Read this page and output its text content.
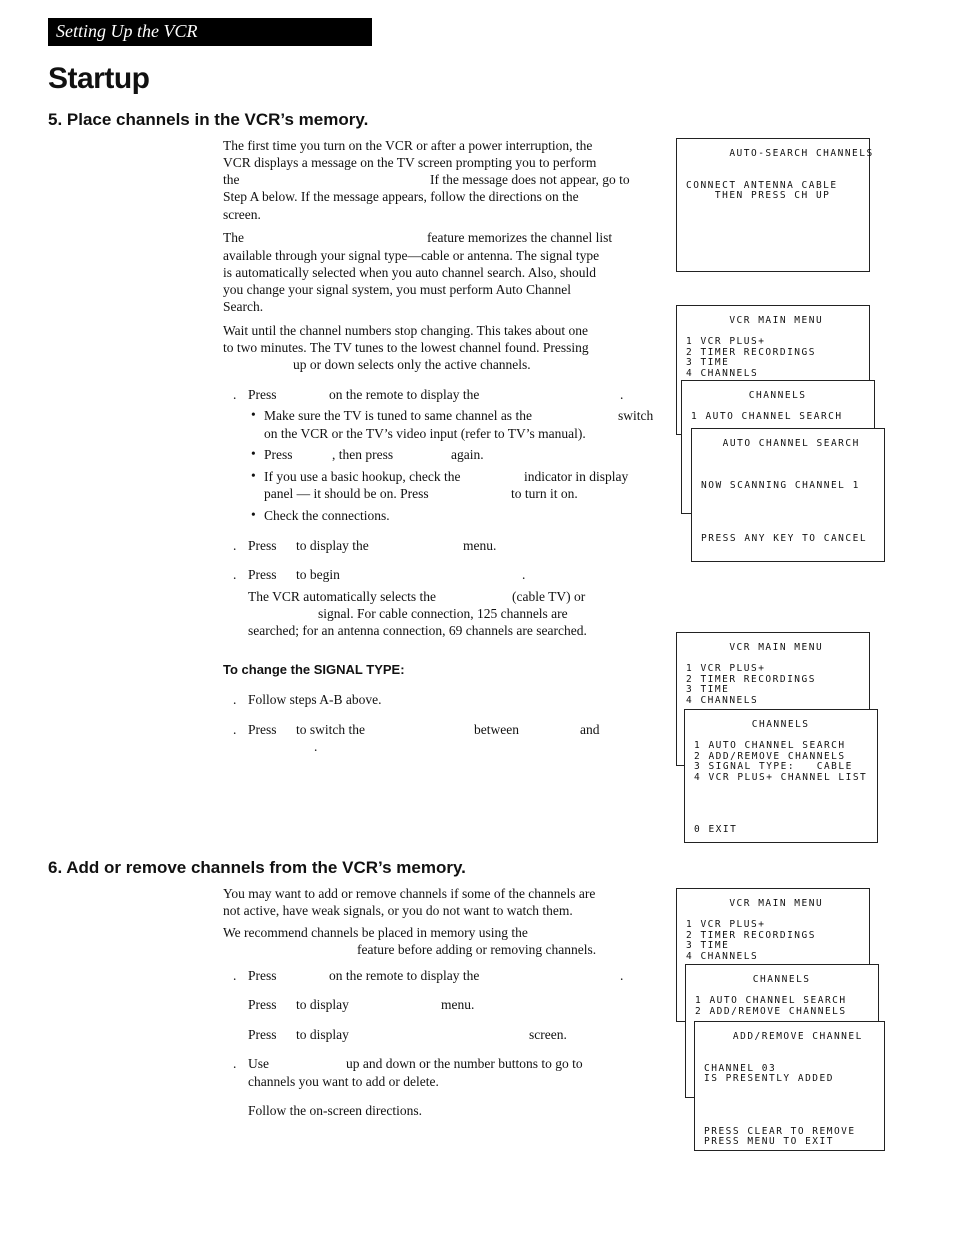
Setting Up the VCR
Startup
5. Place channels in the VCR’s memory.
The first time you turn on the VCR or after a power interruption, the
VCR displays a message on the TV screen prompting you to perform
the	If the message does not appear, go to
Step A below. If the message appears, follow the directions on the
screen.
The	feature memorizes the channel list
available through your signal type—cable or antenna. The signal type
is automatically selected when you auto channel search. Also, should
you change your signal system, you must perform Auto Channel
Search.
Wait until the channel numbers stop changing. This takes about one
to two minutes. The TV tunes to the lowest channel found. Pressing
up or down selects only the active channels.
. Press	on the remote to display the	.
• Make sure the TV is tuned to same channel as the	switch
on the VCR or the TV’s video input (refer to TV’s manual).
• Press	, then press	again.
• If you use a basic hookup, check the	indicator in display
panel — it should be on. Press	to turn it on.
• Check the connections.
. Press to display the	menu.
. Press to begin	.
The VCR automatically selects the	(cable TV) or
signal. For cable connection, 125 channels are
searched; for an antenna connection, 69 channels are searched.
To change the SIGNAL TYPE:
. Follow steps A-B above.
. Press to switch the	between	and
.
6. Add or remove channels from the VCR’s memory.
You may want to add or remove channels if some of the channels are
not active, have weak signals, or you do not want to watch them.
We recommend channels be placed in memory using the
feature before adding or removing channels.
. Press	on the remote to display the	.
Press to display	menu.
Press to display	screen.
. Use	up and down or the number buttons to go to
channels you want to add or delete.
Follow the on-screen directions.
AUTO-SEARCH CHANNELS

CONNECT ANTENNA CABLE
THEN PRESS CH UP
VCR MAIN MENU

1 VCR PLUS+
2 TIMER RECORDINGS
3 TIME
4 CHANNELS
CHANNELS

1 AUTO CHANNEL SEARCH
AUTO CHANNEL SEARCH

NOW SCANNING CHANNEL 1

PRESS ANY KEY TO CANCEL
VCR MAIN MENU

1 VCR PLUS+
2 TIMER RECORDINGS
3 TIME
4 CHANNELS
CHANNELS

1 AUTO CHANNEL SEARCH
2 ADD/REMOVE CHANNELS
3 SIGNAL TYPE:   CABLE
4 VCR PLUS+ CHANNEL LIST

0 EXIT
VCR MAIN MENU

1 VCR PLUS+
2 TIMER RECORDINGS
3 TIME
4 CHANNELS
CHANNELS

1 AUTO CHANNEL SEARCH
2 ADD/REMOVE CHANNELS
ADD/REMOVE CHANNEL

CHANNEL 03
IS PRESENTLY ADDED

PRESS CLEAR TO REMOVE
PRESS MENU TO EXIT
